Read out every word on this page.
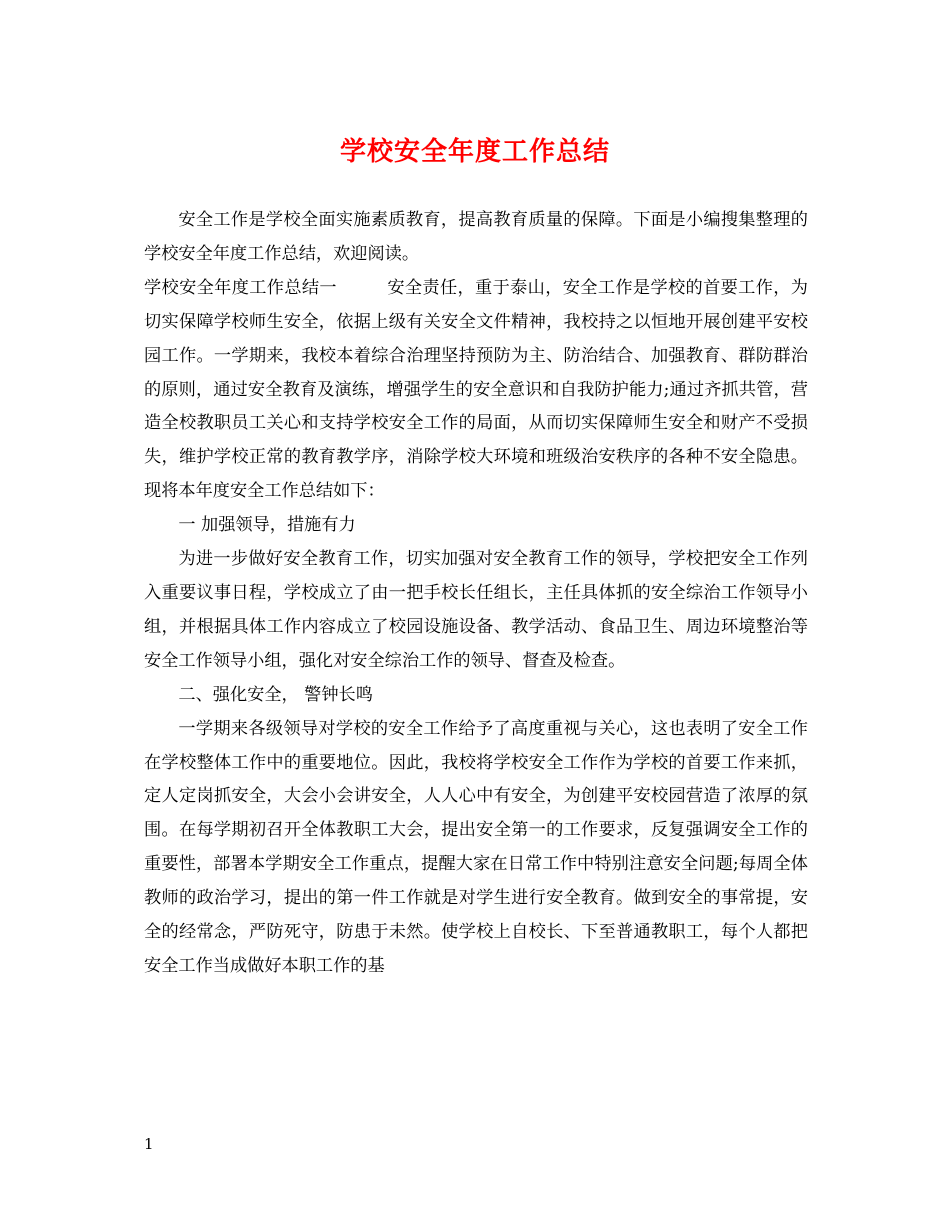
学校安全年度工作总结

安全工作是学校全面实施素质教育，提高教育质量的保障。下面是小编搜集整理的学校安全年度工作总结，欢迎阅读。

学校安全年度工作总结一	安全责任，重于泰山，安全工作是学校的首要工作，为切实保障学校师生安全，依据上级有关安全文件精神，我校持之以恒地开展创建平安校园工作。一学期来，我校本着综合治理坚持预防为主、防治结合、加强教育、群防群治的原则，通过安全教育及演练，增强学生的安全意识和自我防护能力;通过齐抓共管，营造全校教职员工关心和支持学校安全工作的局面，从而切实保障师生安全和财产不受损失，维护学校正常的教育教学序，消除学校大环境和班级治安秩序的各种不安全隐患。现将本年度安全工作总结如下：

一 加强领导，措施有力

为进一步做好安全教育工作，切实加强对安全教育工作的领导，学校把安全工作列入重要议事日程，学校成立了由一把手校长任组长，主任具体抓的安全综治工作领导小组，并根据具体工作内容成立了校园设施设备、教学活动、食品卫生、周边环境整治等安全工作领导小组，强化对安全综治工作的领导、督查及检查。

二、强化安全， 警钟长鸣

一学期来各级领导对学校的安全工作给予了高度重视与关心，这也表明了安全工作在学校整体工作中的重要地位。因此，我校将学校安全工作作为学校的首要工作来抓，定人定岗抓安全，大会小会讲安全，人人心中有安全，为创建平安校园营造了浓厚的氛围。在每学期初召开全体教职工大会，提出安全第一的工作要求，反复强调安全工作的重要性，部署本学期安全工作重点，提醒大家在日常工作中特别注意安全问题;每周全体教师的政治学习，提出的第一件工作就是对学生进行安全教育。做到安全的事常提，安全的经常念，严防死守，防患于未然。使学校上自校长、下至普通教职工，每个人都把安全工作当成做好本职工作的基

1
